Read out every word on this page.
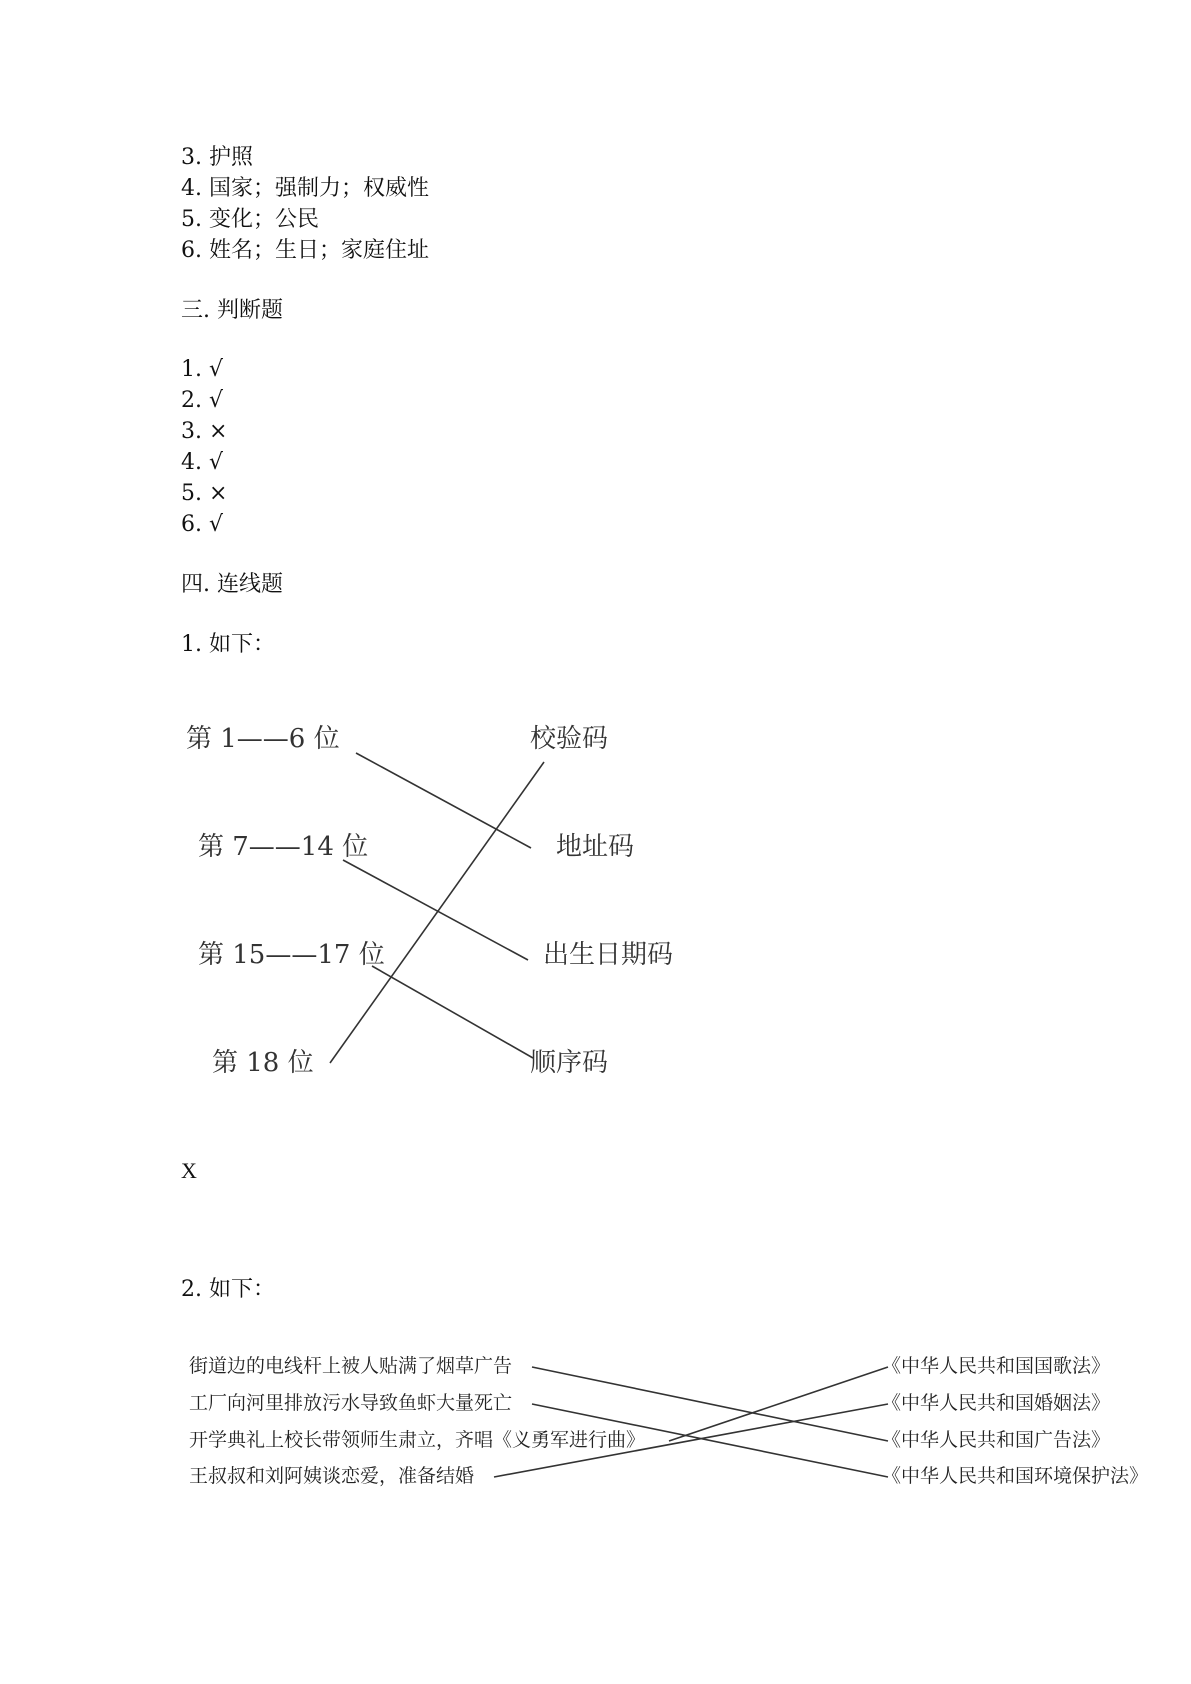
3. 护照
4. 国家；强制力；权威性
5. 变化；公民
6. 姓名；生日；家庭住址
三. 判断题
1. √
2. √
3. ×
4. √
5. ×
6. √
四. 连线题
1. 如下：
第 1——6 位
第 7——14 位
第 15——17 位
第 18 位
校验码
地址码
出生日期码
顺序码
X
2. 如下：
街道边的电线杆上被人贴满了烟草广告
工厂向河里排放污水导致鱼虾大量死亡
开学典礼上校长带领师生肃立，齐唱《义勇军进行曲》
王叔叔和刘阿姨谈恋爱，准备结婚
《中华人民共和国国歌法》
《中华人民共和国婚姻法》
《中华人民共和国广告法》
《中华人民共和国环境保护法》
